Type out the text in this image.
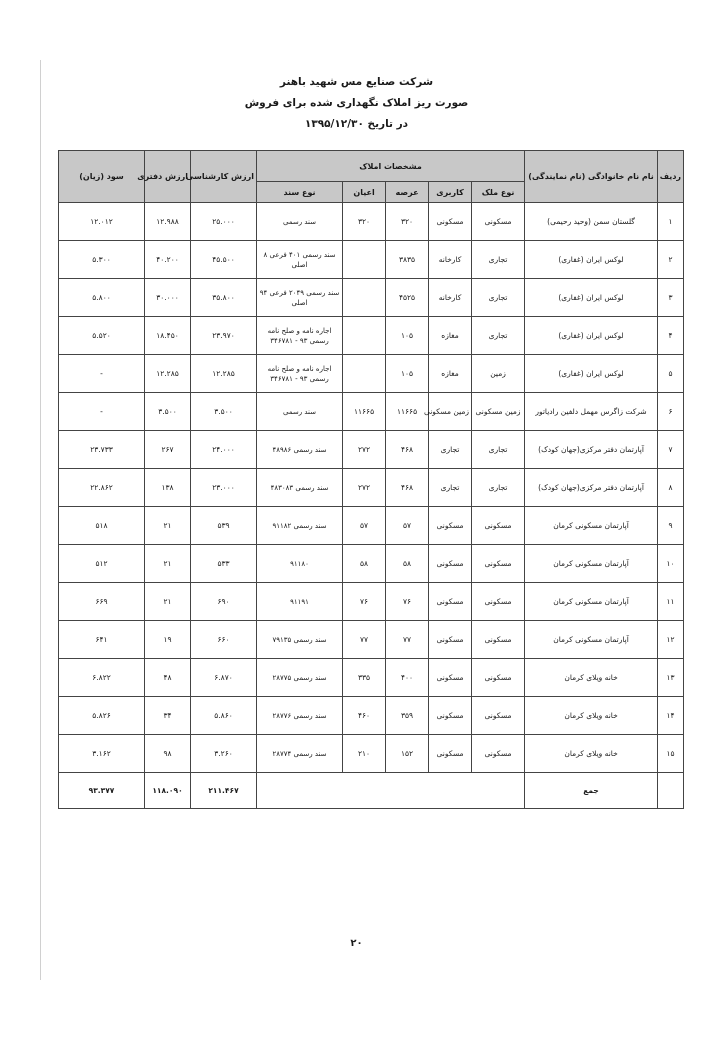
شرکت صنایع مس شهید باهنر
صورت ریز املاک نگهداری شده برای فروش
در تاریخ ۱۳۹۵/۱۲/۳۰
ردیف	نام نام خانوادگی (نام نمایندگی)	مشخصات املاک					ارزش کارشناسی	ارزش دفتری	سود (زیان)
		نوع ملک	کاربری	عرصه	اعیان	نوع سند			
۱	گلستان سمن (وحید رحیمی)	مسکونی	مسکونی	۳۲۰	۳۲۰	سند رسمی	۲۵.۰۰۰	۱۲.۹۸۸	۱۲.۰۱۲
۲	لوکس ایران (غفاری)	تجاری	کارخانه	۳۸۳۵		سند رسمی ۴۰۱ فرعی ۸ اصلی	۴۵.۵۰۰	۴۰.۲۰۰	۵.۳۰۰
۳	لوکس ایران (غفاری)	تجاری	کارخانه	۴۵۲۵		سند رسمی ۲۰۴۹ فرعی ۹۴ اصلی	۳۵.۸۰۰	۳۰.۰۰۰	۵.۸۰۰
۴	لوکس ایران (غفاری)	تجاری	مغازه	۱۰۵		اجاره نامه و صلح نامه رسمی ۹۳ - ۳۴۶۷۸۱	۲۳.۹۷۰	۱۸.۴۵۰	۵.۵۲۰
۵	لوکس ایران (غفاری)	زمین	مغازه	۱۰۵		اجاره نامه و صلح نامه رسمی ۹۳ - ۳۴۶۷۸۱	۱۲.۲۸۵	۱۲.۲۸۵	-
۶	شرکت زاگرس مهمل دلفین رادیاتور	زمین مسکونی	زمین مسکونی	۱۱۶۶۵	۱۱۶۶۵	سند رسمی	۳.۵۰۰	۳.۵۰۰	-
۷	آپارتمان دفتر مرکزی(جهان کودک)	تجاری	تجاری	۴۶۸	۲۷۲	سند رسمی ۴۸۹۸۶	۲۴.۰۰۰	۲۶۷	۲۳.۷۳۳
۸	آپارتمان دفتر مرکزی(جهان کودک)	تجاری	تجاری	۴۶۸	۲۷۲	سند رسمی ۴۸۳۰۸۳	۲۳.۰۰۰	۱۳۸	۲۲.۸۶۲
۹	آپارتمان مسکونی کرمان	مسکونی	مسکونی	۵۷	۵۷	سند رسمی ۹۱۱۸۲	۵۳۹	۲۱	۵۱۸
۱۰	آپارتمان مسکونی کرمان	مسکونی	مسکونی	۵۸	۵۸	۹۱۱۸۰	۵۳۳	۲۱	۵۱۲
۱۱	آپارتمان مسکونی کرمان	مسکونی	مسکونی	۷۶	۷۶	۹۱۱۹۱	۶۹۰	۲۱	۶۶۹
۱۲	آپارتمان مسکونی کرمان	مسکونی	مسکونی	۷۷	۷۷	سند رسمی ۷۹۱۳۵	۶۶۰	۱۹	۶۴۱
۱۳	خانه ویلای کرمان	مسکونی	مسکونی	۴۰۰	۳۳۵	سند رسمی ۲۸۷۷۵	۶.۸۷۰	۴۸	۶.۸۲۲
۱۴	خانه ویلای کرمان	مسکونی	مسکونی	۳۵۹	۴۶۰	سند رسمی ۲۸۷۷۶	۵.۸۶۰	۳۴	۵.۸۲۶
۱۵	خانه ویلای کرمان	مسکونی	مسکونی	۱۵۲	۲۱۰	سند رسمی ۲۸۷۷۴	۳.۲۶۰	۹۸	۳.۱۶۲
	جمع						۲۱۱.۴۶۷	۱۱۸.۰۹۰	۹۳.۳۷۷
۲۰
